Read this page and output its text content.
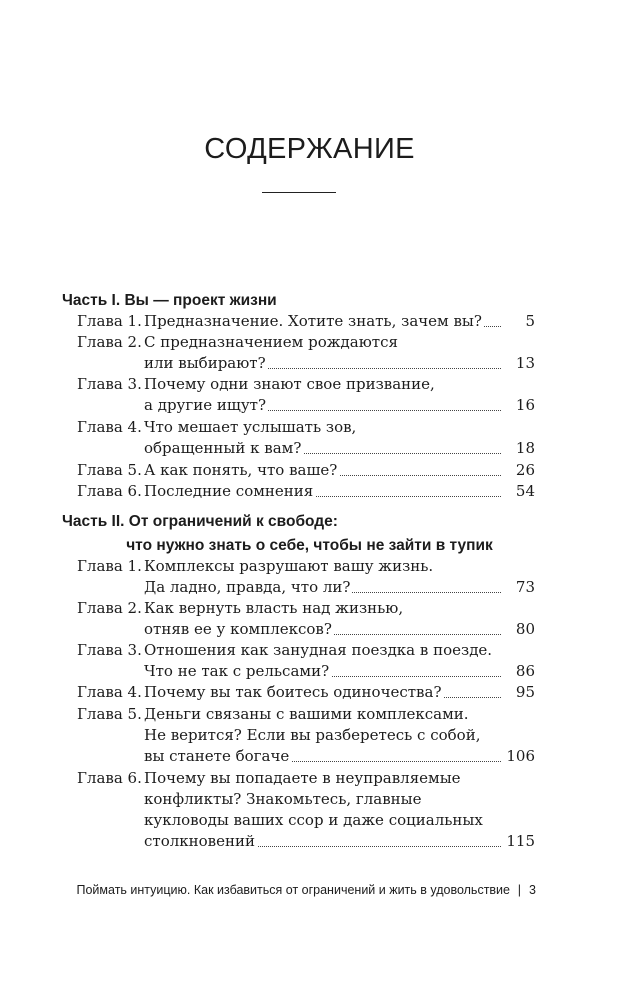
СОДЕРЖАНИЕ
Часть I. Вы — проект жизни
Глава 1. Предназначение. Хотите знать, зачем вы?	5
Глава 2. С предназначением рождаются
или выбирают?	13
Глава 3. Почему одни знают свое призвание,
а другие ищут?	16
Глава 4. Что мешает услышать зов,
обращенный к вам?	18
Глава 5. А как понять, что ваше?	26
Глава 6. Последние сомнения	54
Часть II. От ограничений к свободе:
что нужно знать о себе, чтобы не зайти в тупик
Глава 1. Комплексы разрушают вашу жизнь.
Да ладно, правда, что ли?	73
Глава 2. Как вернуть власть над жизнью,
отняв ее у комплексов?	80
Глава 3. Отношения как занудная поездка в поезде.
Что не так с рельсами?	86
Глава 4. Почему вы так боитесь одиночества?	95
Глава 5. Деньги связаны с вашими комплексами.
Не верится? Если вы разберетесь с собой,
вы станете богаче	106
Глава 6. Почему вы попадаете в неуправляемые
конфликты? Знакомьтесь, главные
кукловоды ваших ссор и даже социальных
столкновений	115
Поймать интуицию. Как избавиться от ограничений и жить в удовольствие | 3
